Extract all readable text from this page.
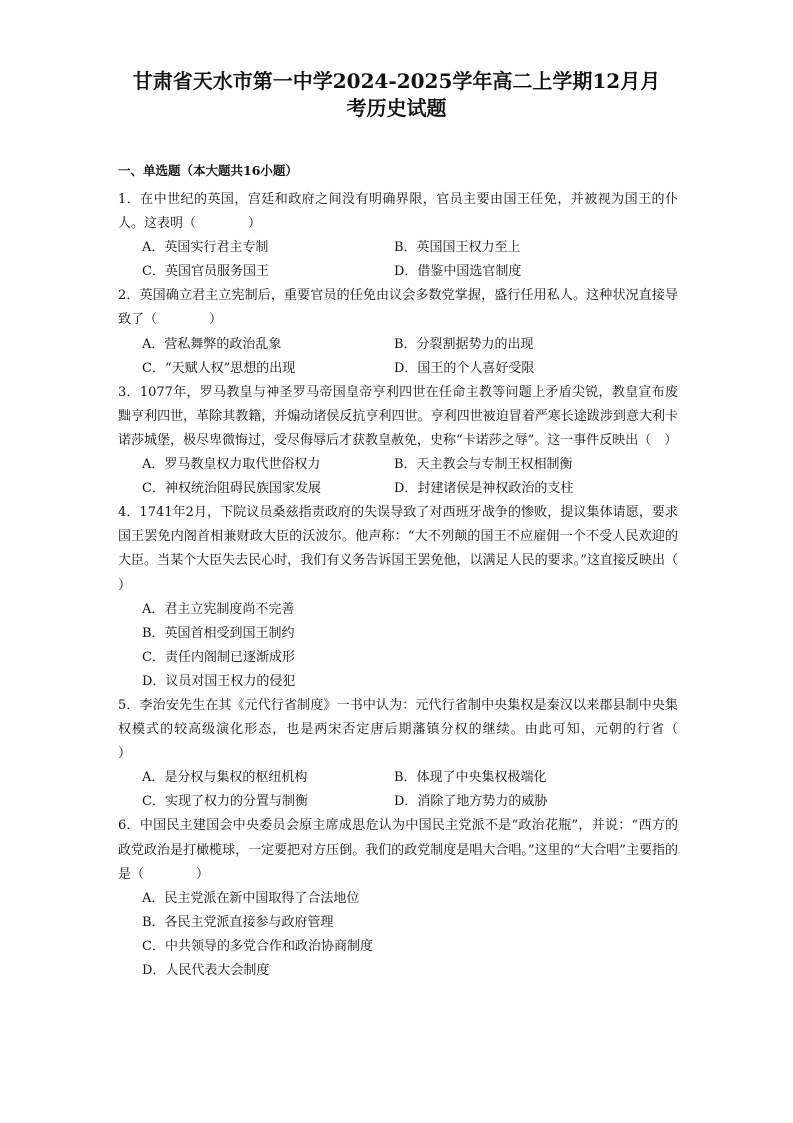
甘肃省天水市第一中学2024-2025学年高二上学期12月月
考历史试题
一、单选题（本大题共16小题）

1．在中世纪的英国，宫廷和政府之间没有明确界限，官员主要由国王任免，并被视为国王的仆人。这表明（　　　　）

A．英国实行君主专制	B．英国国王权力至上
C．英国官员服务国王	D．借鉴中国选官制度

2．英国确立君主立宪制后，重要官员的任免由议会多数党掌握，盛行任用私人。这种状况直接导致了（　　　　）

A．营私舞弊的政治乱象	B．分裂割据势力的出现
C．“天赋人权”思想的出现	D．国王的个人喜好受限

3．1077年，罗马教皇与神圣罗马帝国皇帝亨利四世在任命主教等问题上矛盾尖锐，教皇宣布废黜亨利四世，革除其教籍，并煽动诸侯反抗亨利四世。亨利四世被迫冒着严寒长途跋涉到意大利卡诺莎城堡，极尽卑微悔过，受尽侮辱后才获教皇赦免，史称“卡诺莎之辱”。这一事件反映出（　）

A．罗马教皇权力取代世俗权力	B．天主教会与专制王权相制衡
C．神权统治阻碍民族国家发展	D．封建诸侯是神权政治的支柱

4．1741年2月，下院议员桑兹指责政府的失误导致了对西班牙战争的惨败，提议集体请愿，要求国王罢免内阁首相兼财政大臣的沃波尔。他声称：“大不列颠的国王不应雇佣一个不受人民欢迎的大臣。当某个大臣失去民心时，我们有义务告诉国王罢免他，以满足人民的要求。”这直接反映出（　　　　）

A．君主立宪制度尚不完善
B．英国首相受到国王制约
C．责任内阁制已逐渐成形
D．议员对国王权力的侵犯

5．李治安先生在其《元代行省制度》一书中认为：元代行省制中央集权是秦汉以来郡县制中央集权模式的较高级演化形态，也是两宋否定唐后期藩镇分权的继续。由此可知，元朝的行省（　　　　）

A．是分权与集权的枢纽机构	B．体现了中央集权极端化
C．实现了权力的分置与制衡	D．消除了地方势力的威胁

6．中国民主建国会中央委员会原主席成思危认为中国民主党派不是“政治花瓶”，并说：“西方的政党政治是打橄榄球，一定要把对方压倒。我们的政党制度是唱大合唱。”这里的“大合唱”主要指的是（　　　　）

A．民主党派在新中国取得了合法地位
B．各民主党派直接参与政府管理
C．中共领导的多党合作和政治协商制度
D．人民代表大会制度
